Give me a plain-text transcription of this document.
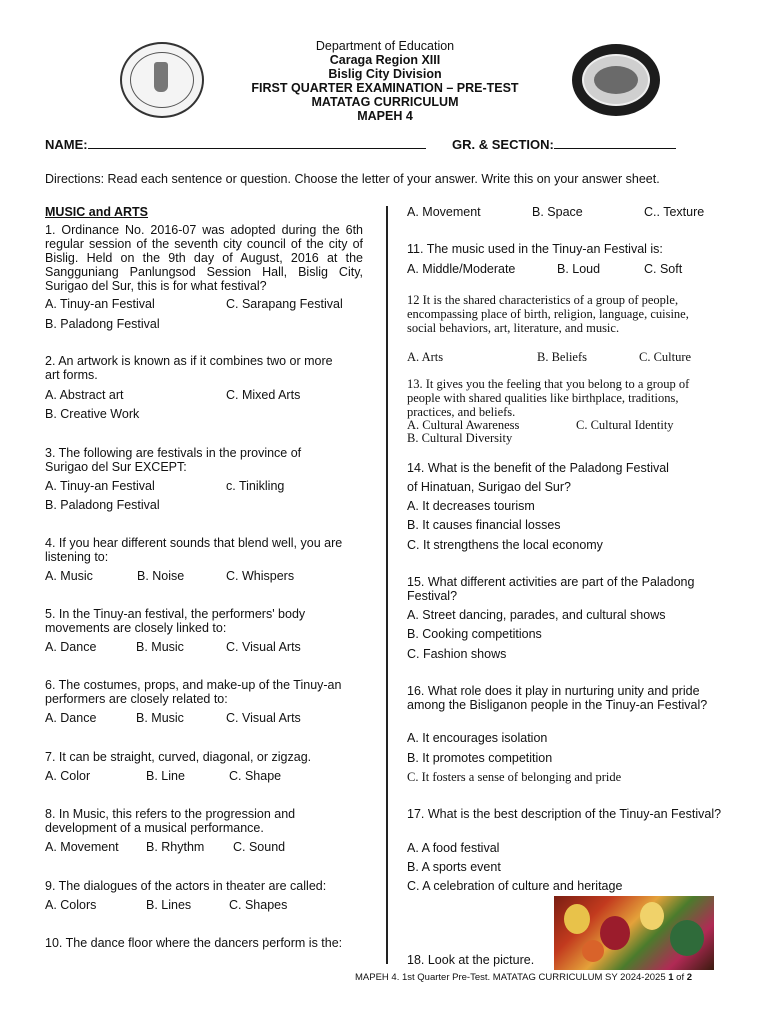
Department of Education
Caraga Region XIII
Bislig City Division
FIRST QUARTER EXAMINATION – PRE-TEST
MATATAG CURRICULUM
MAPEH 4
NAME:	GR. & SECTION:
Directions: Read each sentence or question. Choose the letter of your answer. Write this on your answer sheet.
MUSIC and ARTS
1. Ordinance No. 2016-07 was adopted during the 6th regular session of the seventh city council of the city of Bislig. Held on the 9th day of August, 2016 at the Sangguniang Panlungsod Session Hall, Bislig City, Surigao del Sur, this is for what festival?
A. Tinuy-an Festival	C. Sarapang Festival
B. Paladong Festival
2. An artwork is known as if it combines two or more art forms.
A. Abstract art	C. Mixed Arts
B. Creative Work
3. The following are festivals in the province of Surigao del Sur EXCEPT:
A. Tinuy-an Festival	c. Tinikling
B. Paladong Festival
4. If you hear different sounds that blend well, you are listening to:
A. Music	B. Noise	C. Whispers
5. In the Tinuy-an festival, the performers' body movements are closely linked to:
A. Dance	B. Music	C. Visual Arts
6. The costumes, props, and make-up of the Tinuy-an performers are closely related to:
A. Dance	B. Music	C. Visual Arts
7. It can be straight, curved, diagonal, or zigzag.
A. Color	B. Line	C. Shape
8. In Music, this refers to the progression and development of a musical performance.
A. Movement B. Rhythm C. Sound
9. The dialogues of the actors in theater are called:
A. Colors	B. Lines	C. Shapes
10. The dance floor where the dancers perform is the:
A. Movement	B. Space	C.. Texture
11. The music used in the Tinuy-an Festival is:
A. Middle/Moderate	B. Loud	C. Soft
12 It is the shared characteristics of a group of people, encompassing place of birth, religion, language, cuisine, social behaviors, art, literature, and music.
A. Arts	B. Beliefs	C. Culture
13. It gives you the feeling that you belong to a group of people with shared qualities like birthplace, traditions, practices, and beliefs.
A. Cultural Awareness	C. Cultural Identity
B. Cultural Diversity
14. What is the benefit of the Paladong Festival
of Hinatuan, Surigao del Sur?
A. It decreases tourism
B. It causes financial losses
C. It strengthens the local economy
15. What different activities are part of the Paladong Festival?
A. Street dancing, parades, and cultural shows
B. Cooking competitions
C. Fashion shows
16. What role does it play in nurturing unity and pride among the Bisliganon people in the Tinuy-an Festival?
A. It encourages isolation
B. It promotes competition
C. It fosters a sense of belonging and pride
17. What is the best description of the Tinuy-an Festival?
A. A food festival
B. A sports event
C. A celebration of culture and heritage
18. Look at the picture.
MAPEH 4. 1st Quarter Pre-Test. MATATAG CURRICULUM SY 2024-2025 1 of 2
